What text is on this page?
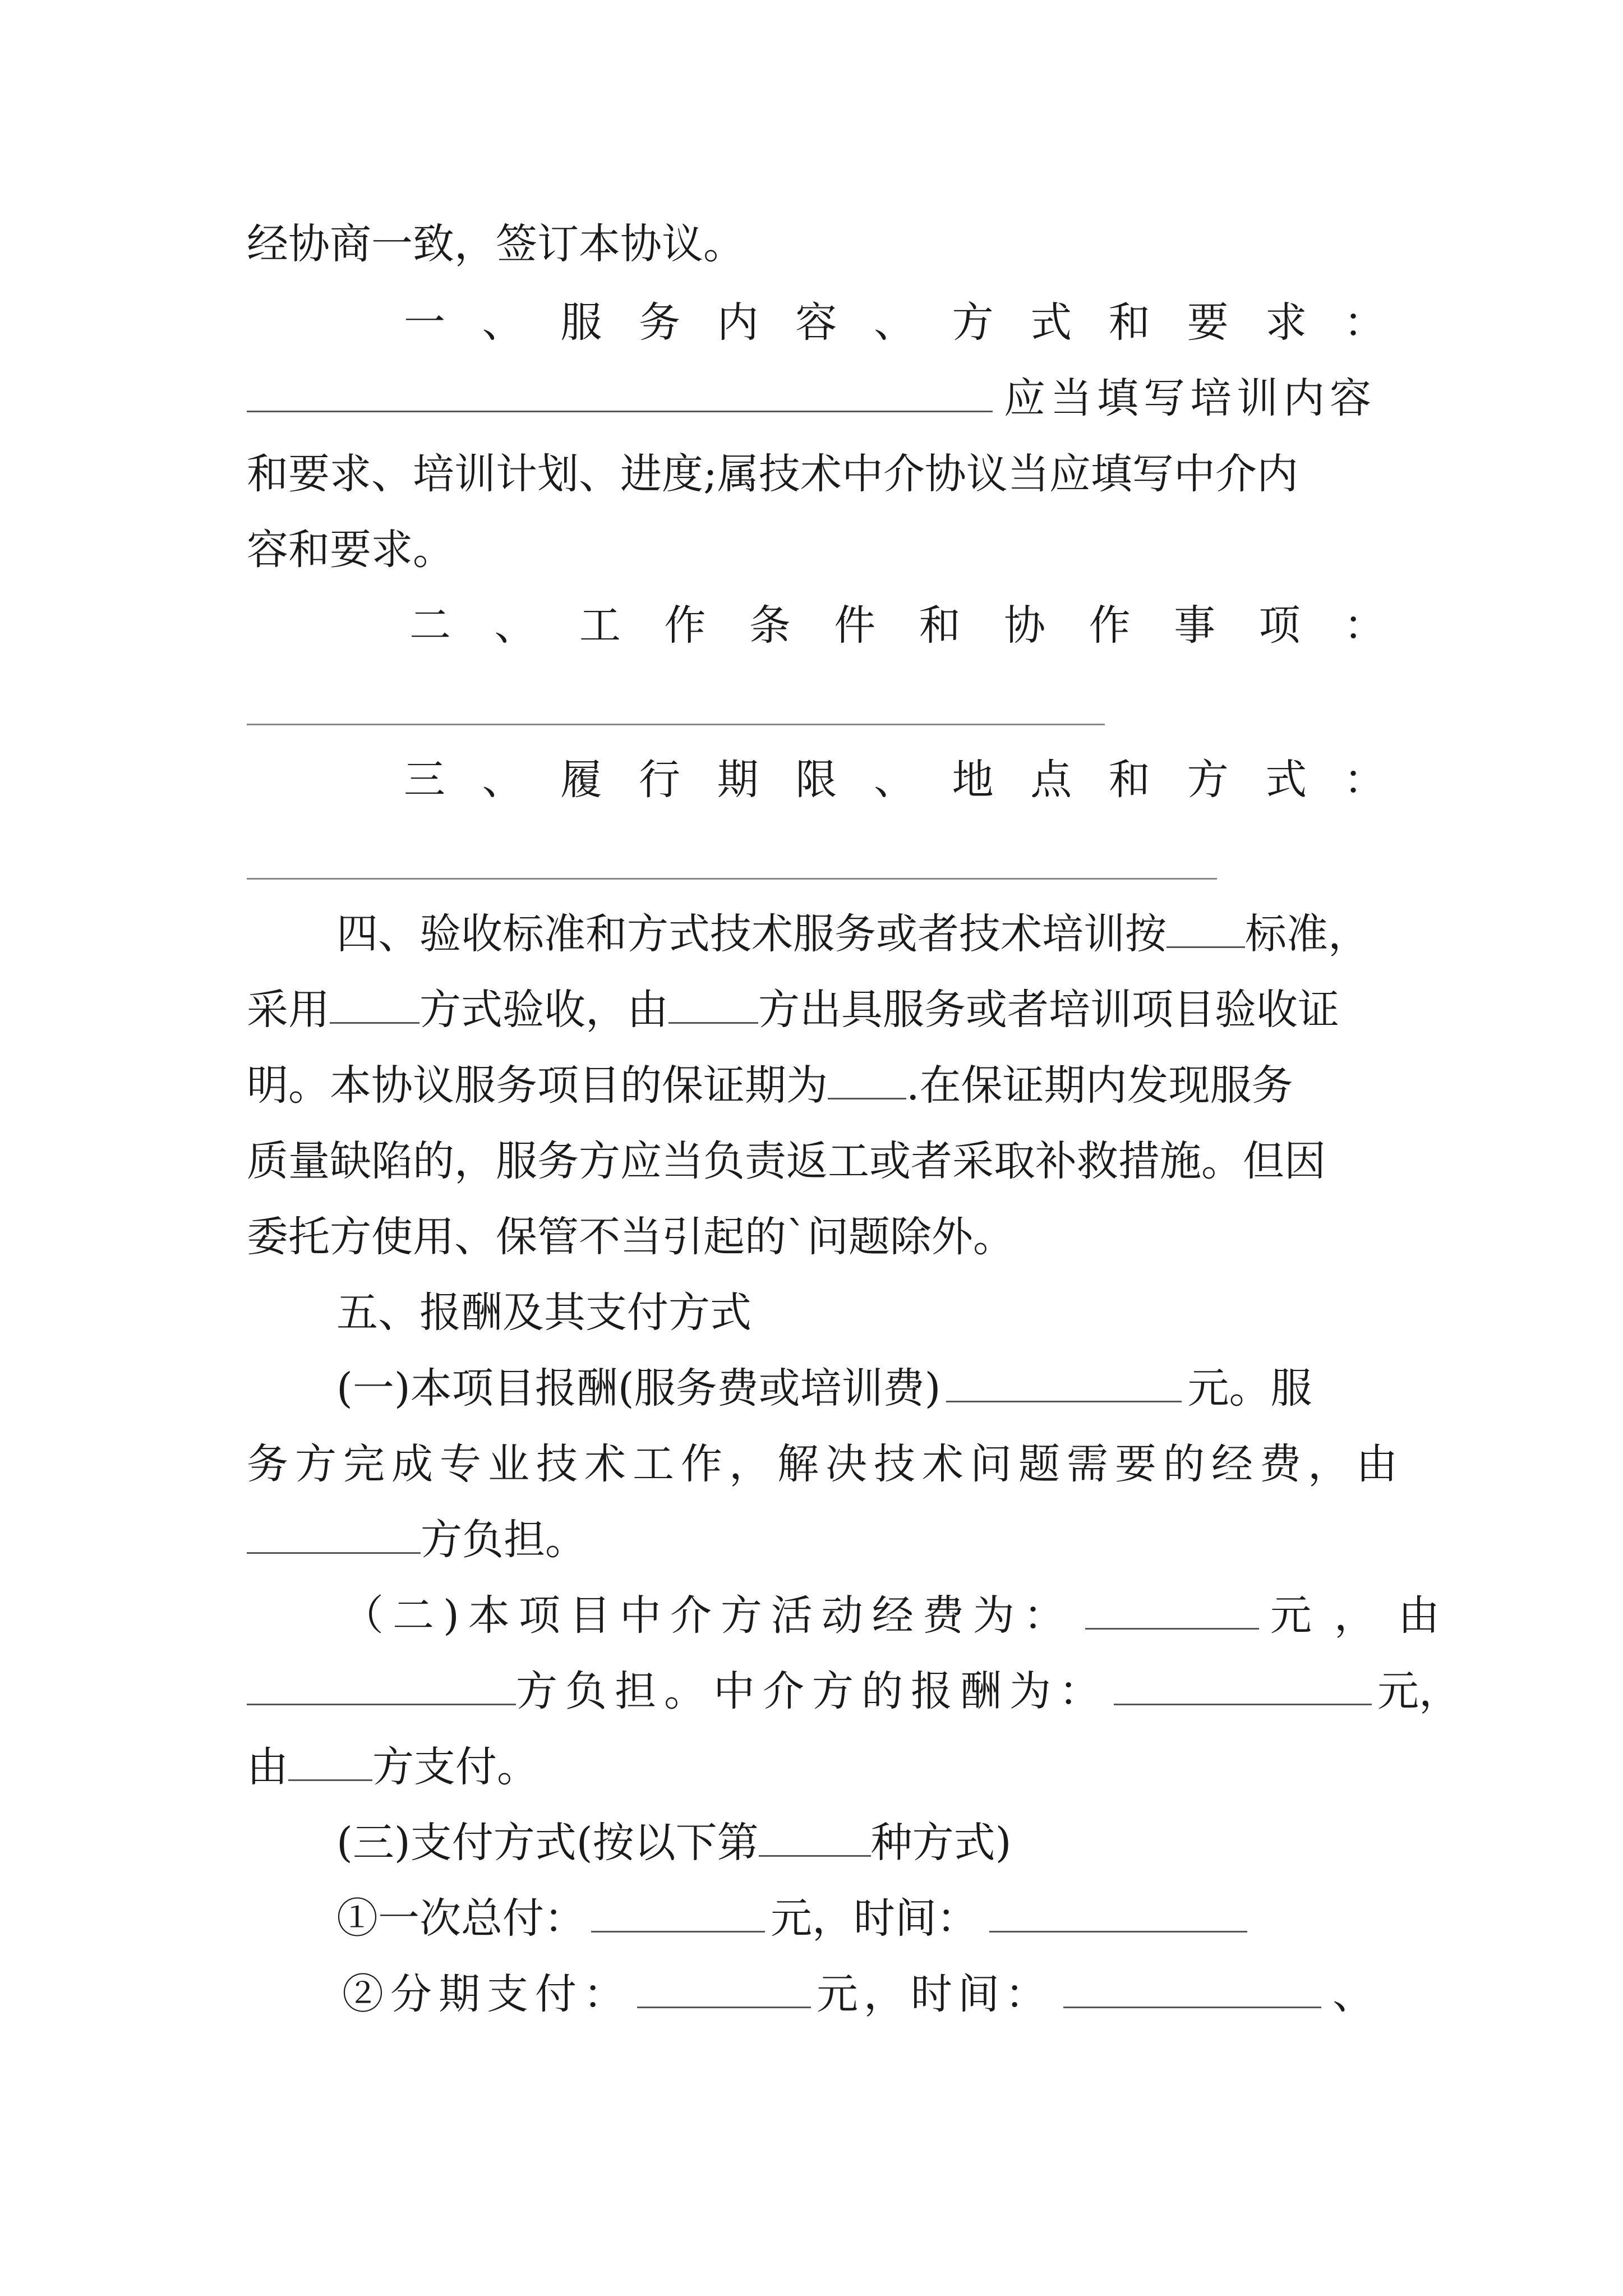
经协商一致，签订本协议。
一 、 服 务 内 容 、 方 式 和 要 求 ：
应当填写培训内容
和要求、培训计划、进度;属技术中介协议当应填写中介内
容和要求。
二 、 工 作 条 件 和 协 作 事 项 ：
三 、 履 行 期 限 、 地 点 和 方 式 ：
四、验收标准和方式技术服务或者技术培训按 标准，
采用 方式验收，由 方出具服务或者培训项目验收证
明。本协议服务项目的保证期为 .在保证期内发现服务
质量缺陷的，服务方应当负责返工或者采取补救措施。但因
委托方使用、保管不当引起的`问题除外。
五、报酬及其支付方式
(一)本项目报酬(服务费或培训费)	元。服
务方完成专业技术工作，解决技术问题需要的经费，由
方负担。
（二)本项目中介方活动经费为：	元，由
方负担。中介方的报酬为：	元，
由 方支付。
(三)支付方式(按以下第	种方式)
①一次总付：	元，时间：
②分期支付：	元，时间：	、
